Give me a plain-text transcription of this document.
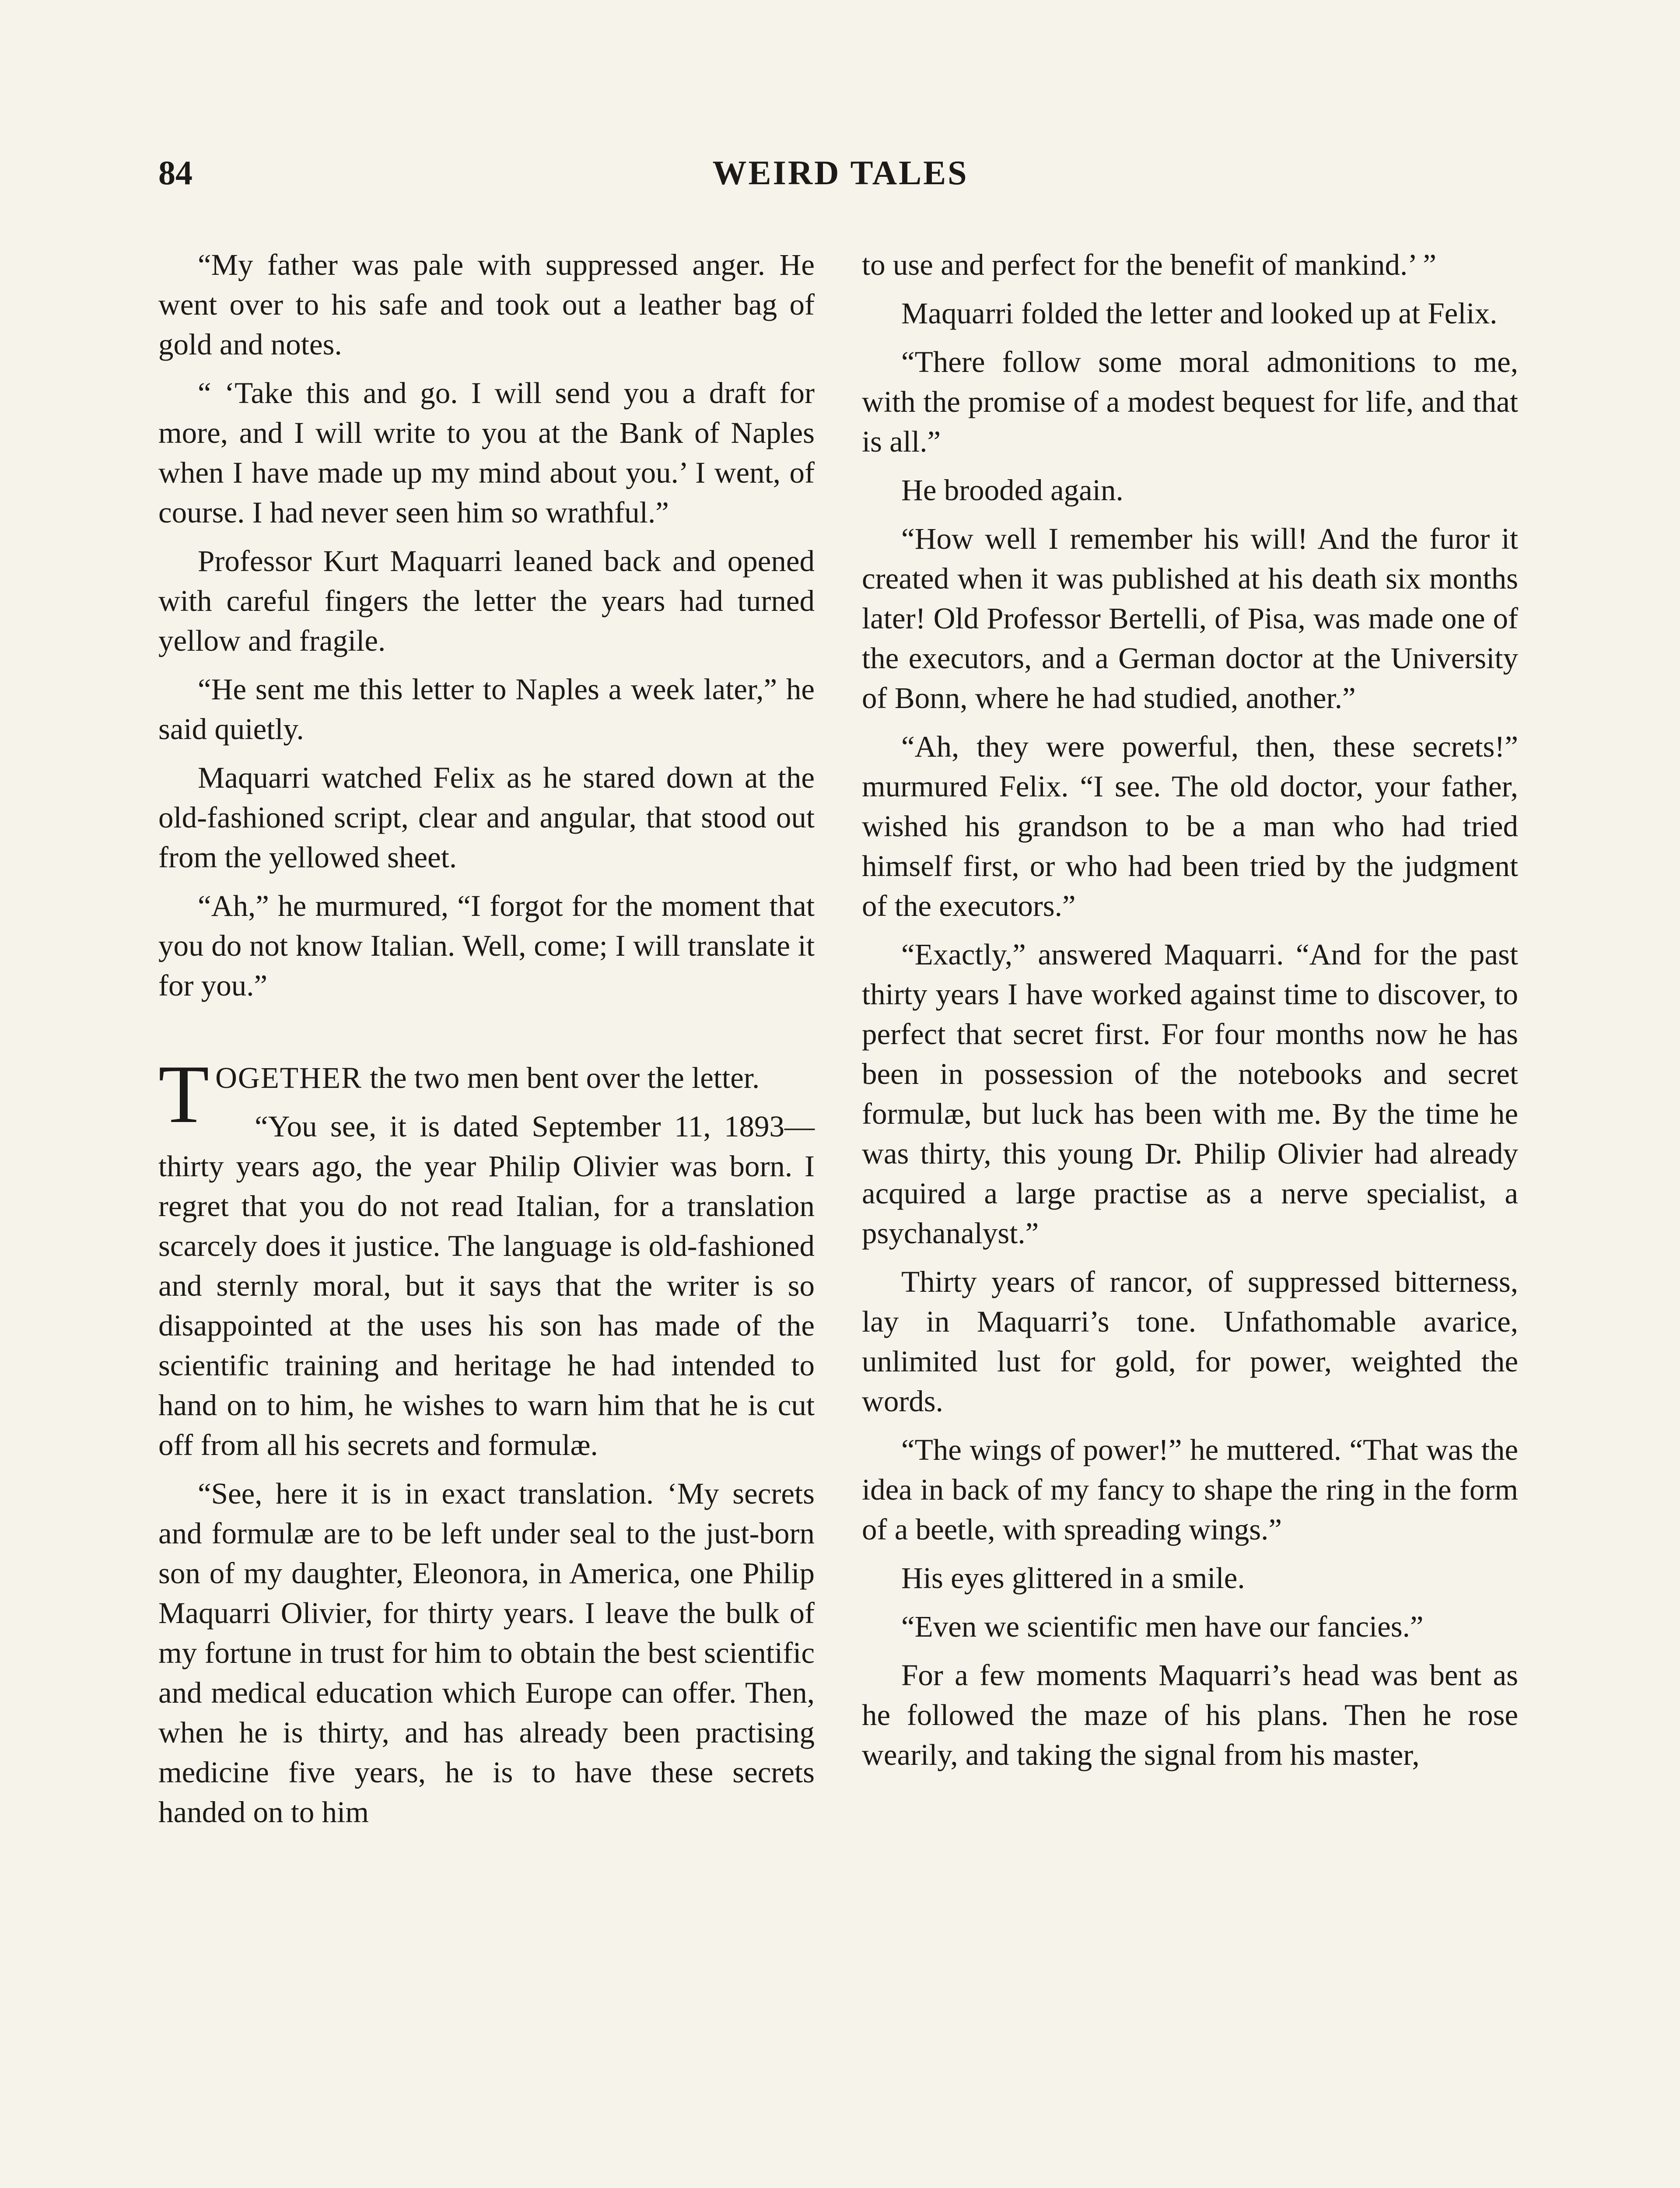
84	WEIRD TALES

“My father was pale with suppressed anger. He went over to his safe and took out a leather bag of gold and notes.

“ ‘Take this and go. I will send you a draft for more, and I will write to you at the Bank of Naples when I have made up my mind about you.’ I went, of course. I had never seen him so wrathful.”

Professor Kurt Maquarri leaned back and opened with careful fingers the letter the years had turned yellow and fragile.

“He sent me this letter to Naples a week later,” he said quietly.

Maquarri watched Felix as he stared down at the old-fashioned script, clear and angular, that stood out from the yellowed sheet.

“Ah,” he murmured, “I forgot for the moment that you do not know Italian. Well, come; I will translate it for you.”

TOGETHER the two men bent over the letter.

“You see, it is dated September 11, 1893—thirty years ago, the year Philip Olivier was born. I regret that you do not read Italian, for a translation scarcely does it justice. The language is old-fashioned and sternly moral, but it says that the writer is so disappointed at the uses his son has made of the scientific training and heritage he had intended to hand on to him, he wishes to warn him that he is cut off from all his secrets and formulæ.

“See, here it is in exact translation. ‘My secrets and formulæ are to be left under seal to the just-born son of my daughter, Eleonora, in America, one Philip Maquarri Olivier, for thirty years. I leave the bulk of my fortune in trust for him to obtain the best scientific and medical education which Europe can offer. Then, when he is thirty, and has already been practising medicine five years, he is to have these secrets handed on to him

to use and perfect for the benefit of mankind.’ ”

Maquarri folded the letter and looked up at Felix.

“There follow some moral admonitions to me, with the promise of a modest bequest for life, and that is all.”

He brooded again.

“How well I remember his will! And the furor it created when it was published at his death six months later! Old Professor Bertelli, of Pisa, was made one of the executors, and a German doctor at the University of Bonn, where he had studied, another.”

“Ah, they were powerful, then, these secrets!” murmured Felix. “I see. The old doctor, your father, wished his grandson to be a man who had tried himself first, or who had been tried by the judgment of the executors.”

“Exactly,” answered Maquarri. “And for the past thirty years I have worked against time to discover, to perfect that secret first. For four months now he has been in possession of the notebooks and secret formulæ, but luck has been with me. By the time he was thirty, this young Dr. Philip Olivier had already acquired a large practise as a nerve specialist, a psychanalyst.”

Thirty years of rancor, of suppressed bitterness, lay in Maquarri’s tone. Unfathomable avarice, unlimited lust for gold, for power, weighted the words.

“The wings of power!” he muttered. “That was the idea in back of my fancy to shape the ring in the form of a beetle, with spreading wings.”

His eyes glittered in a smile.

“Even we scientific men have our fancies.”

For a few moments Maquarri’s head was bent as he followed the maze of his plans. Then he rose wearily, and taking the signal from his master,
